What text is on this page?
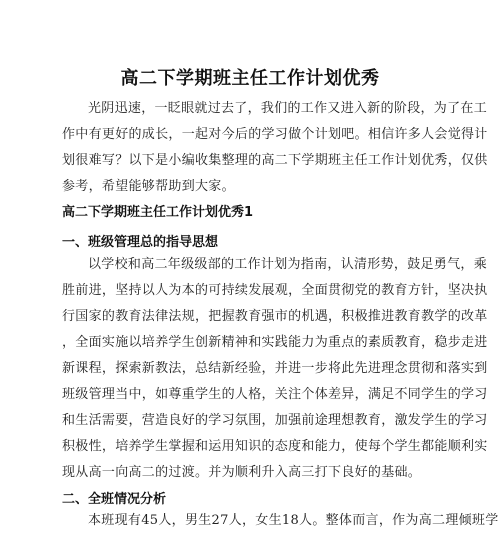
高二下学期班主任工作计划优秀
光阴迅速，一眨眼就过去了，我们的工作又进入新的阶段，为了在工
作中有更好的成长，一起对今后的学习做个计划吧。相信许多人会觉得计
划很难写？以下是小编收集整理的高二下学期班主任工作计划优秀，仅供
参考，希望能够帮助到大家。
高二下学期班主任工作计划优秀1
一、班级管理总的指导思想
以学校和高二年级级部的工作计划为指南，认清形势，鼓足勇气，乘
胜前进，坚持以人为本的可持续发展观，全面贯彻党的教育方针，坚决执
行国家的教育法律法规，把握教育强市的机遇，积极推进教育教学的改革
，全面实施以培养学生创新精神和实践能力为重点的素质教育，稳步走进
新课程，探索新教法，总结新经验，并进一步将此先进理念贯彻和落实到
班级管理当中，如尊重学生的人格，关注个体差异，满足不同学生的学习
和生活需要，营造良好的学习氛围，加强前途理想教育，激发学生的学习
积极性，培养学生掌握和运用知识的态度和能力，使每个学生都能顺利实
现从高一向高二的过渡。并为顺利升入高三打下良好的基础。
二、全班情况分析
本班现有45人，男生27人，女生18人。整体而言，作为高二理倾班学
